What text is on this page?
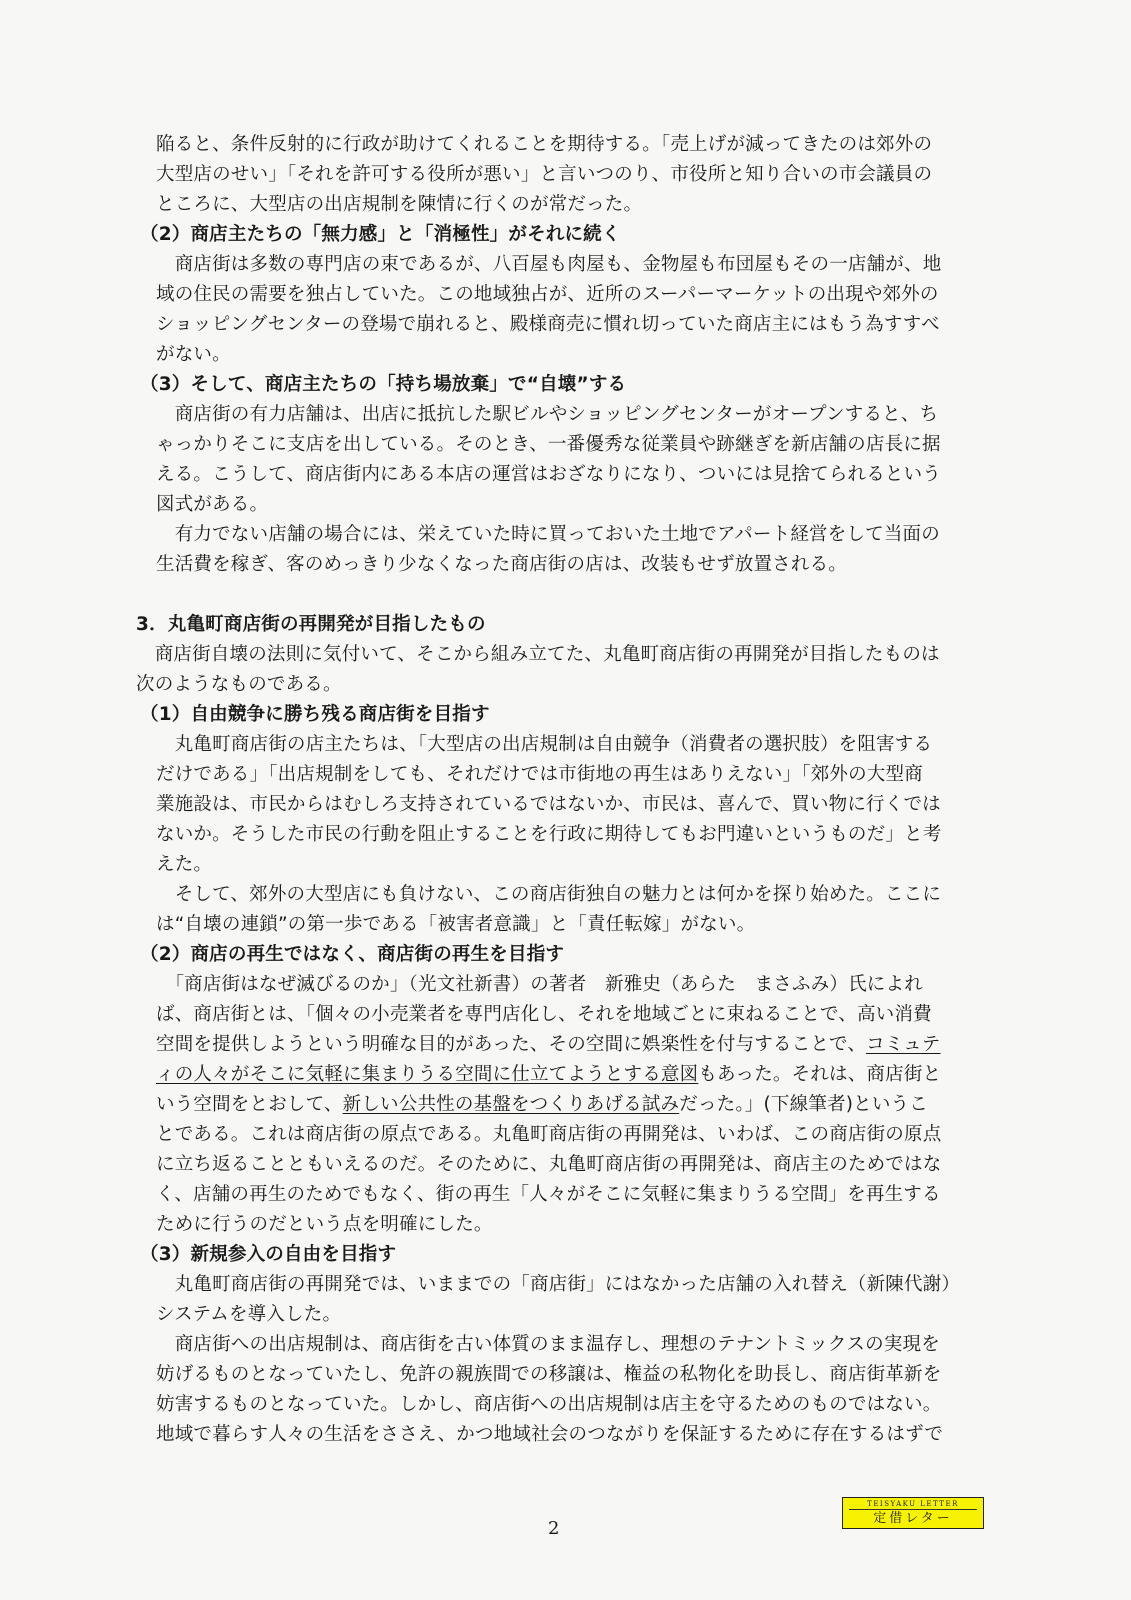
陥ると、条件反射的に行政が助けてくれることを期待する。「売上げが減ってきたのは郊外の
大型店のせい」「それを許可する役所が悪い」と言いつのり、市役所と知り合いの市会議員の
ところに、大型店の出店規制を陳情に行くのが常だった。
（2）商店主たちの「無力感」と「消極性」がそれに続く
　商店街は多数の専門店の束であるが、八百屋も肉屋も、金物屋も布団屋もその一店舗が、地
域の住民の需要を独占していた。この地域独占が、近所のスーパーマーケットの出現や郊外の
ショッピングセンターの登場で崩れると、殿様商売に慣れ切っていた商店主にはもう為すすべ
がない。
（3）そして、商店主たちの「持ち場放棄」で“自壊”する
　商店街の有力店舗は、出店に抵抗した駅ビルやショッピングセンターがオープンすると、ち
ゃっかりそこに支店を出している。そのとき、一番優秀な従業員や跡継ぎを新店舗の店長に据
える。こうして、商店街内にある本店の運営はおざなりになり、ついには見捨てられるという
図式がある。
　有力でない店舗の場合には、栄えていた時に買っておいた土地でアパート経営をして当面の
生活費を稼ぎ、客のめっきり少なくなった商店街の店は、改装もせず放置される。
3．丸亀町商店街の再開発が目指したもの
　商店街自壊の法則に気付いて、そこから組み立てた、丸亀町商店街の再開発が目指したものは
次のようなものである。
（1）自由競争に勝ち残る商店街を目指す
　丸亀町商店街の店主たちは、「大型店の出店規制は自由競争（消費者の選択肢）を阻害する
だけである」「出店規制をしても、それだけでは市街地の再生はありえない」「郊外の大型商
業施設は、市民からはむしろ支持されているではないか、市民は、喜んで、買い物に行くでは
ないか。そうした市民の行動を阻止することを行政に期待してもお門違いというものだ」と考
えた。
　そして、郊外の大型店にも負けない、この商店街独自の魅力とは何かを探り始めた。ここに
は“自壊の連鎖”の第一歩である「被害者意識」と「責任転嫁」がない。
（2）商店の再生ではなく、商店街の再生を目指す
　「商店街はなぜ滅びるのか」（光文社新書）の著者　新雅史（あらた　まさふみ）氏によれ
ば、商店街とは、「個々の小売業者を専門店化し、それを地域ごとに束ねることで、高い消費
空間を提供しようという明確な目的があった、その空間に娯楽性を付与することで、コミュテ
ィの人々がそこに気軽に集まりうる空間に仕立てようとする意図もあった。それは、商店街と
いう空間をとおして、新しい公共性の基盤をつくりあげる試みだった。」(下線筆者)というこ
とである。これは商店街の原点である。丸亀町商店街の再開発は、いわば、この商店街の原点
に立ち返ることともいえるのだ。そのために、丸亀町商店街の再開発は、商店主のためではな
く、店舗の再生のためでもなく、街の再生「人々がそこに気軽に集まりうる空間」を再生する
ために行うのだという点を明確にした。
（3）新規参入の自由を目指す
　丸亀町商店街の再開発では、いままでの「商店街」にはなかった店舗の入れ替え（新陳代謝）
システムを導入した。
　商店街への出店規制は、商店街を古い体質のまま温存し、理想のテナントミックスの実現を
妨げるものとなっていたし、免許の親族間での移譲は、権益の私物化を助長し、商店街革新を
妨害するものとなっていた。しかし、商店街への出店規制は店主を守るためのものではない。
地域で暮らす人々の生活をささえ、かつ地域社会のつながりを保証するために存在するはずで
2
TEISYAKU LETTER
定借レター
